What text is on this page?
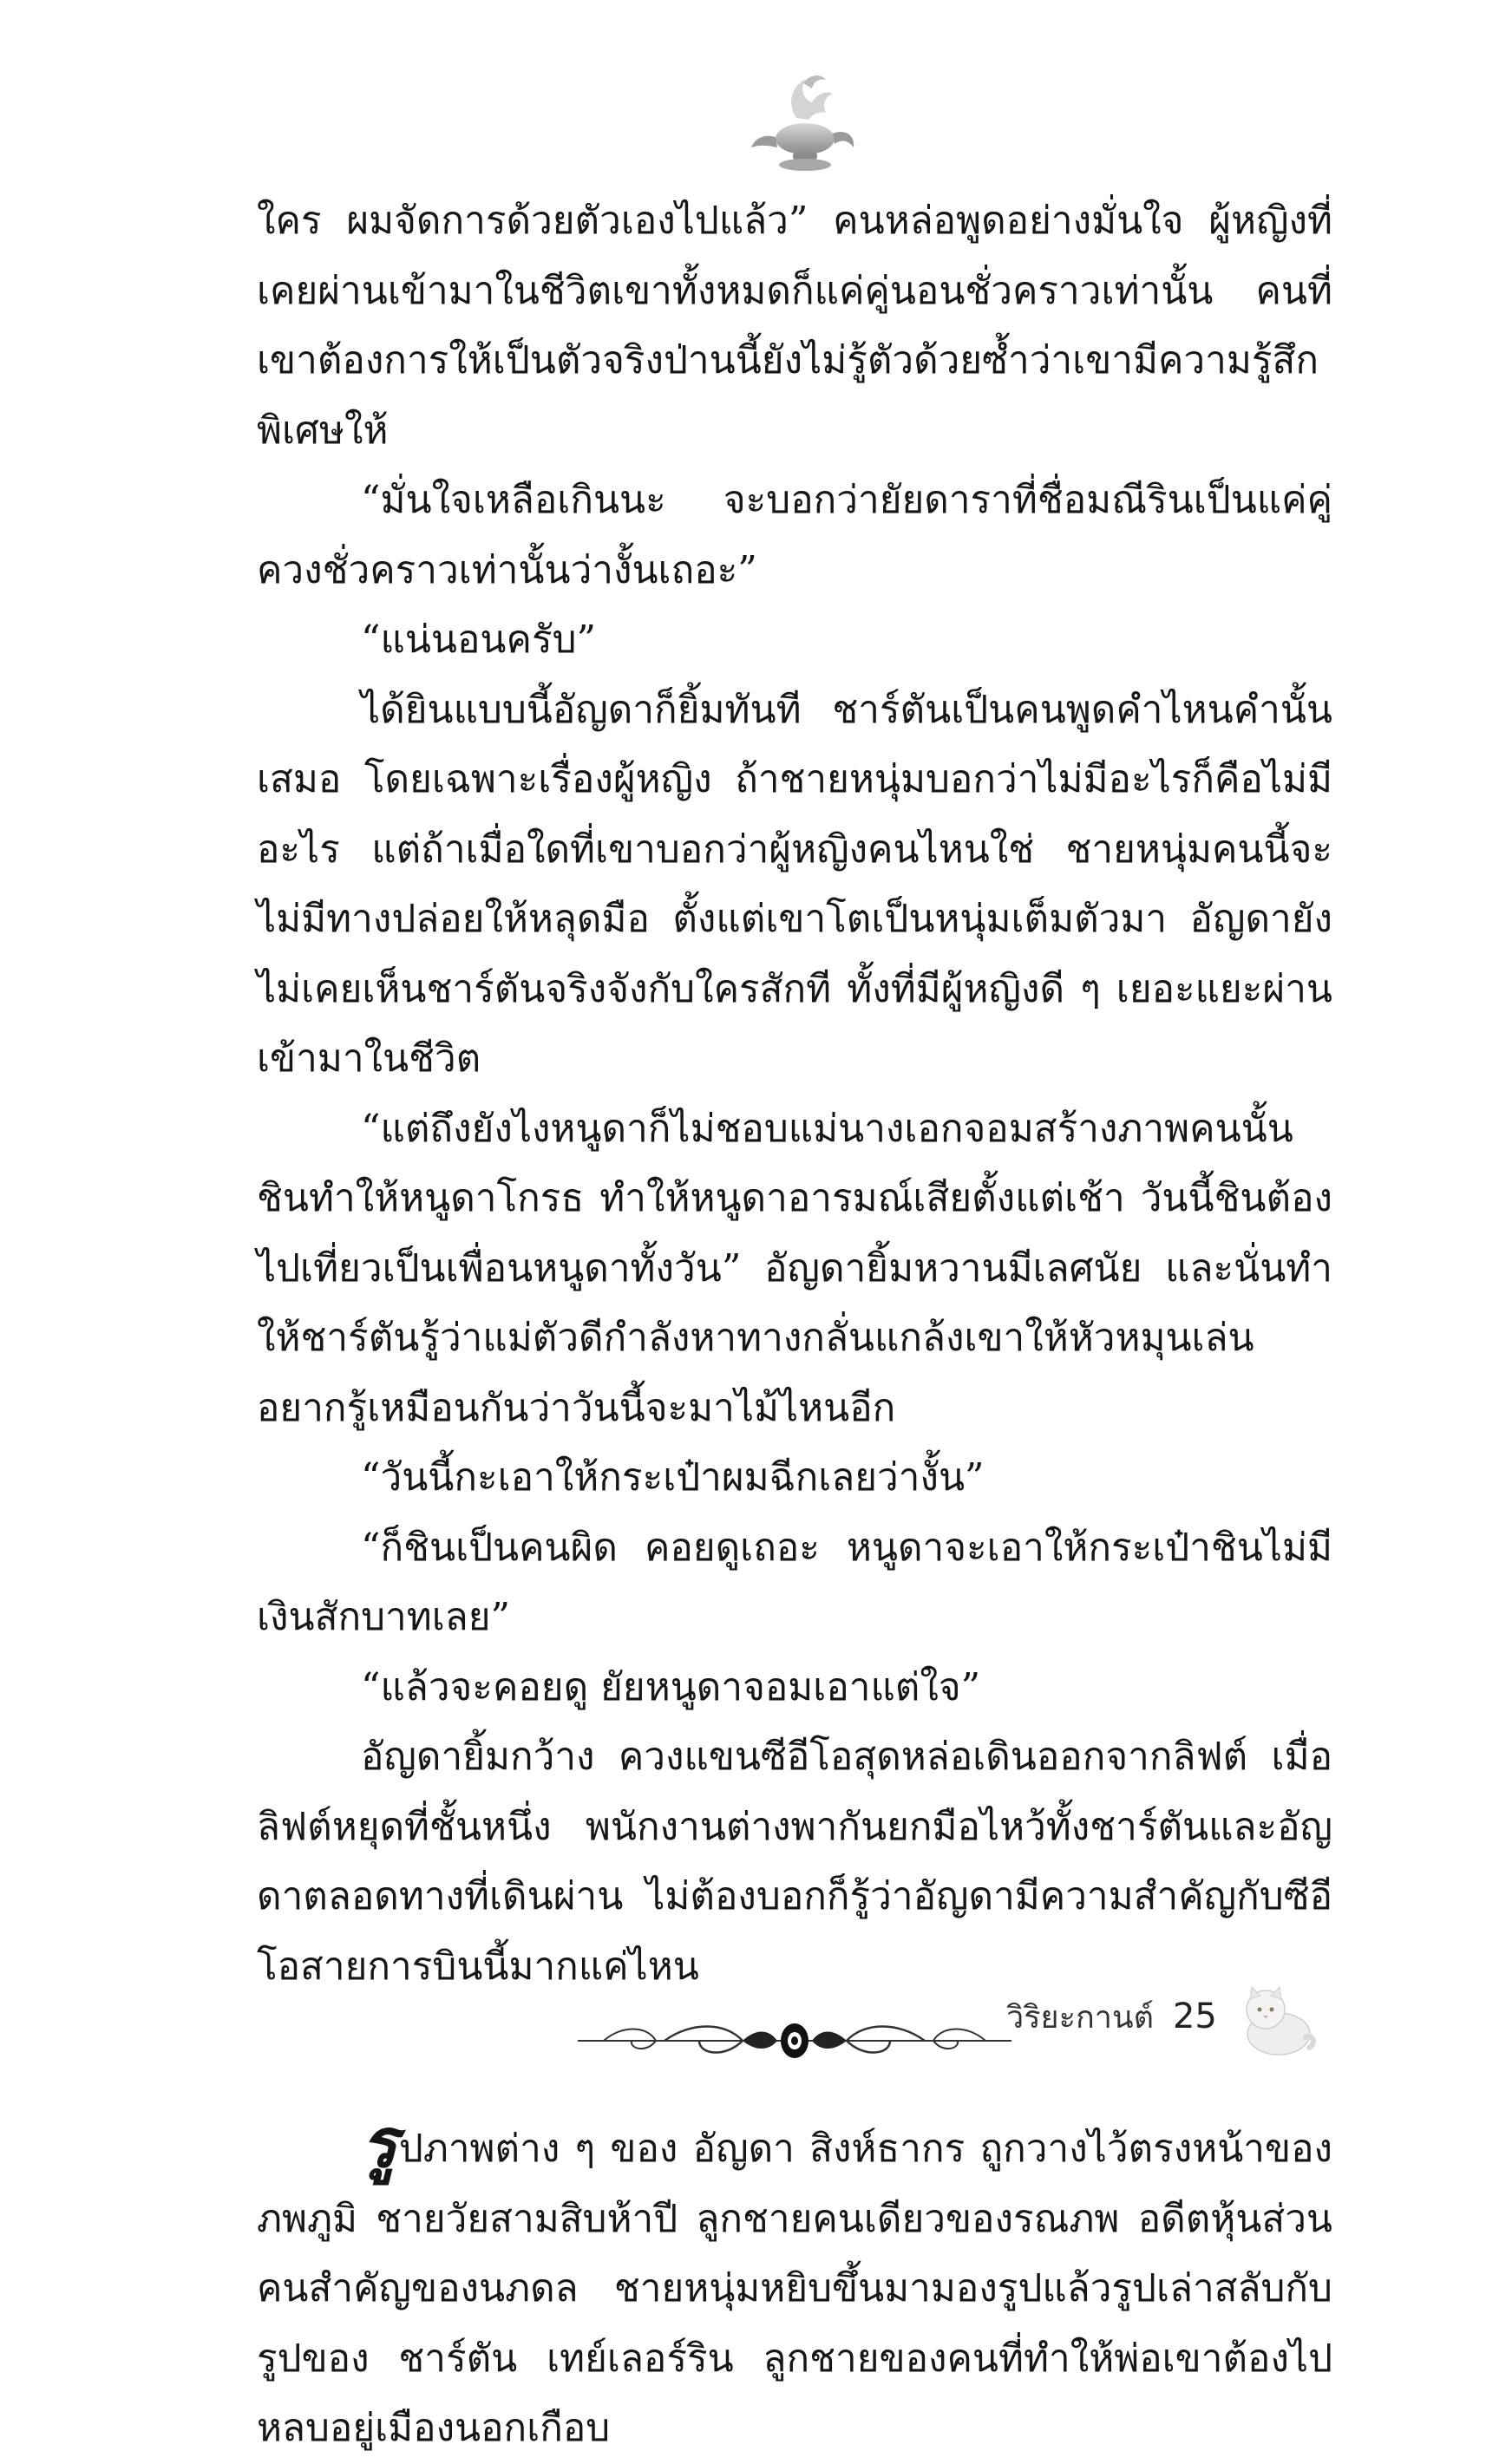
ใคร ผมจัดการด้วยตัวเองไปแล้ว” คนหล่อพูดอย่างมั่นใจ ผู้หญิงที่เคยผ่านเข้ามาในชีวิตเขาทั้งหมดก็แค่คู่นอนชั่วคราวเท่านั้น คนที่เขาต้องการให้เป็นตัวจริงป่านนี้ยังไม่รู้ตัวด้วยซ้ำว่าเขามีความรู้สึกพิเศษให้

“มั่นใจเหลือเกินนะ จะบอกว่ายัยดาราที่ชื่อมณีรินเป็นแค่คู่ควงชั่วคราวเท่านั้นว่างั้นเถอะ”

“แน่นอนครับ”

ได้ยินแบบนี้อัญดาก็ยิ้มทันที ชาร์ตันเป็นคนพูดคำไหนคำนั้นเสมอ โดยเฉพาะเรื่องผู้หญิง ถ้าชายหนุ่มบอกว่าไม่มีอะไรก็คือไม่มีอะไร แต่ถ้าเมื่อใดที่เขาบอกว่าผู้หญิงคนไหนใช่ ชายหนุ่มคนนี้จะไม่มีทางปล่อยให้หลุดมือ ตั้งแต่เขาโตเป็นหนุ่มเต็มตัวมา อัญดายังไม่เคยเห็นชาร์ตันจริงจังกับใครสักที ทั้งที่มีผู้หญิงดี ๆ เยอะแยะผ่านเข้ามาในชีวิต

“แต่ถึงยังไงหนูดาก็ไม่ชอบแม่นางเอกจอมสร้างภาพคนนั้น ชินทำให้หนูดาโกรธ ทำให้หนูดาอารมณ์เสียตั้งแต่เช้า วันนี้ชินต้องไปเที่ยวเป็นเพื่อนหนูดาทั้งวัน” อัญดายิ้มหวานมีเลศนัย และนั่นทำให้ชาร์ตันรู้ว่าแม่ตัวดีกำลังหาทางกลั่นแกล้งเขาให้หัวหมุนเล่น อยากรู้เหมือนกันว่าวันนี้จะมาไม้ไหนอีก

“วันนี้กะเอาให้กระเป๋าผมฉีกเลยว่างั้น”

“ก็ชินเป็นคนผิด คอยดูเถอะ หนูดาจะเอาให้กระเป๋าชินไม่มีเงินสักบาทเลย”

“แล้วจะคอยดู ยัยหนูดาจอมเอาแต่ใจ”

อัญดายิ้มกว้าง ควงแขนซีอีโอสุดหล่อเดินออกจากลิฟต์ เมื่อลิฟต์หยุดที่ชั้นหนึ่ง พนักงานต่างพากันยกมือไหว้ทั้งชาร์ตันและอัญดาตลอดทางที่เดินผ่าน ไม่ต้องบอกก็รู้ว่าอัญดามีความสำคัญกับซีอีโอสายการบินนี้มากแค่ไหน

รูปภาพต่าง ๆ ของ อัญดา สิงห์ธากร ถูกวางไว้ตรงหน้าของภพภูมิ ชายวัยสามสิบห้าปี ลูกชายคนเดียวของรณภพ อดีตหุ้นส่วนคนสำคัญของนภดล ชายหนุ่มหยิบขึ้นมามองรูปแล้วรูปเล่าสลับกับรูปของ ชาร์ตัน เทย์เลอร์ริน ลูกชายของคนที่ทำให้พ่อเขาต้องไปหลบอยู่เมืองนอกเกือบ

วิริยะกานต์ 25
